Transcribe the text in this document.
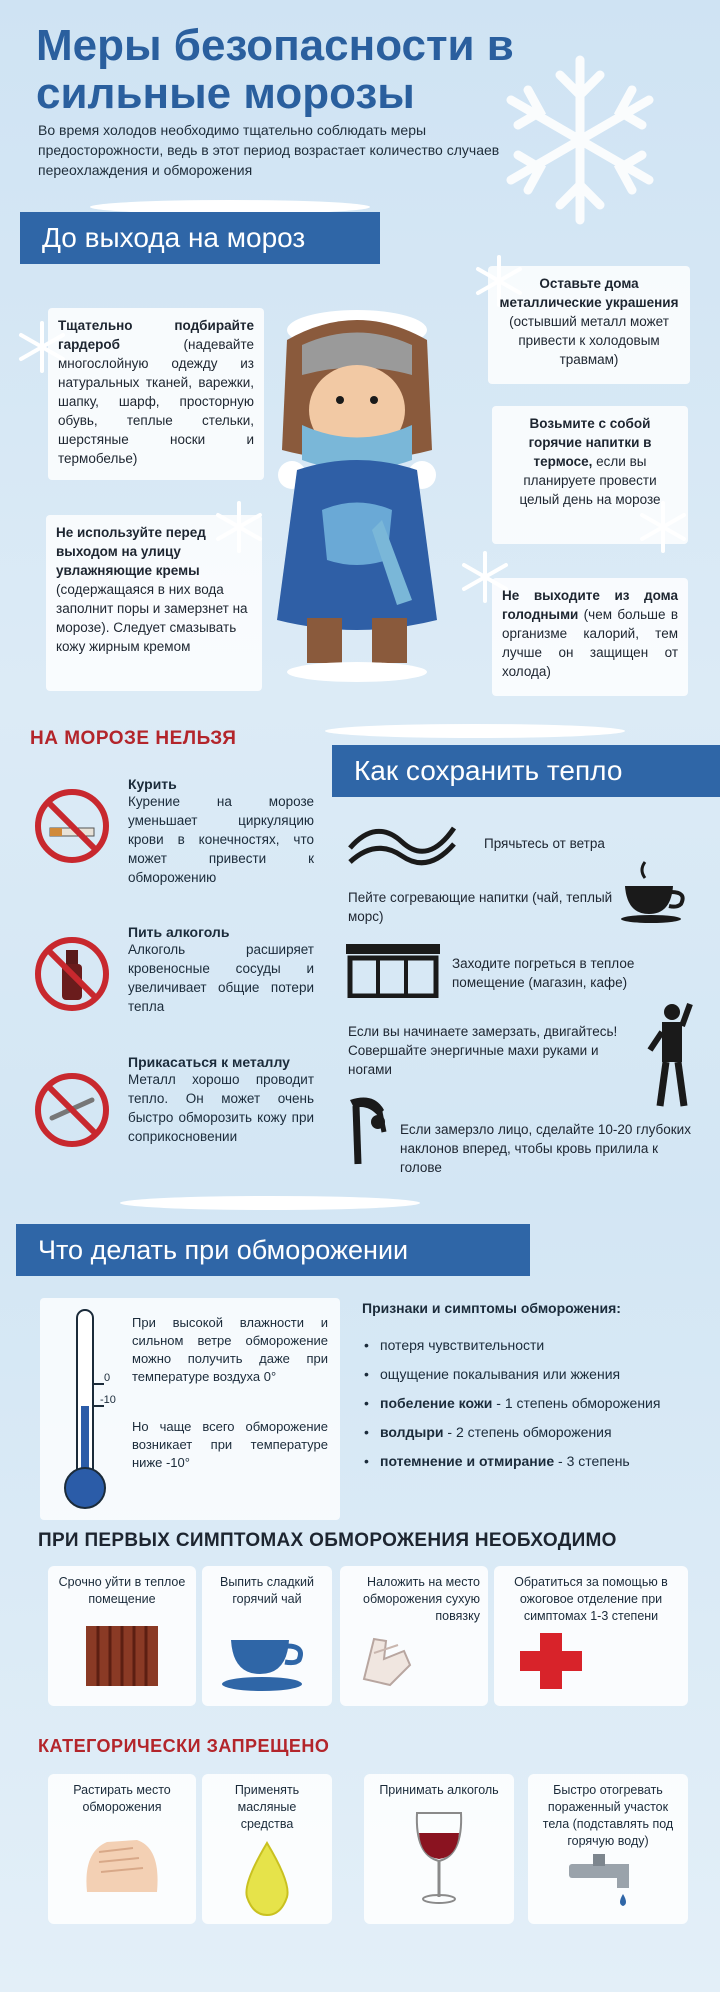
Меры безопасности в сильные морозы
Во время холодов необходимо тщательно соблюдать меры предосторожности, ведь в этот период возрастает количество случаев переохлаждения и обморожения
До выхода на мороз
Тщательно подбирайте гардероб (надевайте многослойную одежду из натуральных тканей, варежки, шапку, шарф, просторную обувь, теплые стельки, шерстяные носки и термобелье)
Не используйте перед выходом на улицу увлажняющие кремы (содержащаяся в них вода заполнит поры и замерзнет на морозе). Следует смазывать кожу жирным кремом
Оставьте дома металлические украшения (остывший металл может привести к холодовым травмам)
Возьмите с собой горячие напитки в термосе, если вы планируете провести целый день на морозе
Не выходите из дома голодными (чем больше в организме калорий, тем лучше он защищен от холода)
НА МОРОЗЕ НЕЛЬЗЯ
Курить
Курение на морозе уменьшает циркуляцию крови в конечностях, что может привести к обморожению
Пить алкоголь
Алкоголь расширяет кровеносные сосуды и увеличивает общие потери тепла
Прикасаться к металлу
Металл хорошо проводит тепло. Он может очень быстро обморозить кожу при соприкосновении
Как сохранить тепло
Прячьтесь от ветра
Пейте согревающие напитки (чай, теплый морс)
Заходите погреться в теплое помещение (магазин, кафе)
Если вы начинаете замерзать, двигайтесь! Совершайте энергичные махи руками и ногами
Если замерзло лицо, сделайте 10-20 глубоких наклонов вперед, чтобы кровь прилила к голове
Что делать при обморожении
0
-10
При высокой влажности и сильном ветре обморожение можно получить даже при температуре воздуха 0°
Но чаще всего обморожение возникает при температуре ниже -10°
Признаки и симптомы обморожения:
• потеря чувствительности
• ощущение покалывания или жжения
• побеление кожи - 1 степень обморожения
• волдыри - 2 степень обморожения
• потемнение и отмирание - 3 степень
ПРИ ПЕРВЫХ СИМПТОМАХ ОБМОРОЖЕНИЯ НЕОБХОДИМО
Срочно уйти в теплое помещение
Выпить сладкий горячий чай
Наложить на место обморожения сухую повязку
Обратиться за помощью в ожоговое отделение при симптомах 1-3 степени
КАТЕГОРИЧЕСКИ ЗАПРЕЩЕНО
Растирать место обморожения
Применять масляные средства
Принимать алкоголь	Быстро отогревать пораженный участок тела (подставлять под горячую воду)
